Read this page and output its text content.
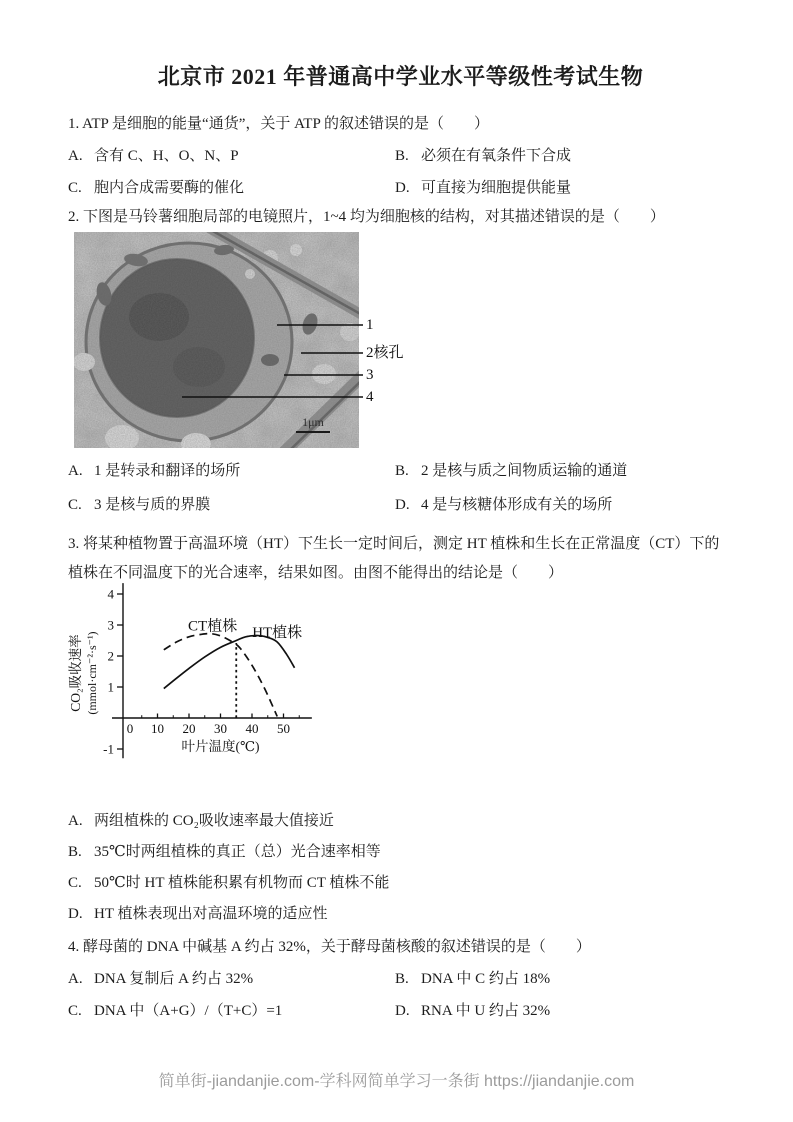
北京市 2021 年普通高中学业水平等级性考试生物

1. ATP 是细胞的能量“通货”，关于 ATP 的叙述错误的是（　　）

A. 含有 C、H、O、N、P	B. 必须在有氧条件下合成
C. 胞内合成需要酶的催化	D. 可直接为细胞提供能量

2. 下图是马铃薯细胞局部的电镜照片，1~4 均为细胞核的结构，对其描述错误的是（　　）

1
2核孔
3
4
1μm
A. 1 是转录和翻译的场所	B. 2 是核与质之间物质运输的通道
C. 3 是核与质的界膜	D. 4 是与核糖体形成有关的场所

3. 将某种植物置于高温环境（HT）下生长一定时间后，测定 HT 植株和生长在正常温度（CT）下的植株在不同温度下的光合速率，结果如图。由图不能得出的结论是（　　）

-1
1
2
3
4
0 10 20 30 40 50
CT植株 HT植株
叶片温度(℃)
CO₂吸收速率 (mmol·cm⁻²·s⁻¹)
A. 两组植株的 CO₂吸收速率最大值接近
B. 35℃时两组植株的真正（总）光合速率相等
C. 50℃时 HT 植株能积累有机物而 CT 植株不能
D. HT 植株表现出对高温环境的适应性

4. 酵母菌的 DNA 中碱基 A 约占 32%，关于酵母菌核酸的叙述错误的是（　　）

A. DNA 复制后 A 约占 32%	B. DNA 中 C 约占 18%
C. DNA 中（A+G）/（T+C）=1	D. RNA 中 U 约占 32%
简单街-jiandanjie.com-学科网简单学习一条街 https://jiandanjie.com
